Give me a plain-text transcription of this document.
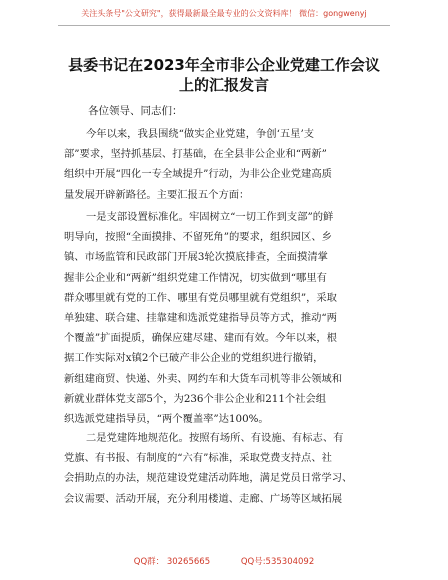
关注头条号"公文研究"，获得最新最全最专业的公文资料库！ 微信：gongwenyj
县委书记在2023年全市非公企业党建工作会议
上的汇报发言
各位领导、同志们：
今年以来，我县围绕“做实企业党建，争创‘五星’支
部”要求，坚持抓基层、打基础，在全县非公企业和“两新”
组织中开展“四化一专全域提升”行动，为非公企业党建高质
量发展开辟新路径。主要汇报五个方面：
一是支部设置标准化。牢固树立“一切工作到支部”的鲜
明导向，按照“全面摸排、不留死角”的要求，组织园区、乡
镇、市场监管和民政部门开展3轮次摸底排查，全面摸清掌
握非公企业和“两新”组织党建工作情况，切实做到“哪里有
群众哪里就有党的工作、哪里有党员哪里就有党组织”，采取
单独建、联合建、挂靠建和选派党建指导员等方式，推动“两
个覆盖”扩面提质，确保应建尽建、建而有效。今年以来，根
据工作实际对x镇2个已破产非公企业的党组织进行撤销，
新组建商贸、快递、外卖、网约车和大货车司机等非公领域和
新就业群体党支部5个，为236个非公企业和211个社会组
织选派党建指导员，“两个覆盖率”达100%。
二是党建阵地规范化。按照有场所、有设施、有标志、有
党旗、有书报、有制度的“六有”标准，采取党费支持点、社
会捐助点的办法，规范建设党建活动阵地，满足党员日常学习、
会议需要、活动开展，充分利用楼道、走廊、广场等区域拓展
QQ群： 30265665	QQ号:535304092
